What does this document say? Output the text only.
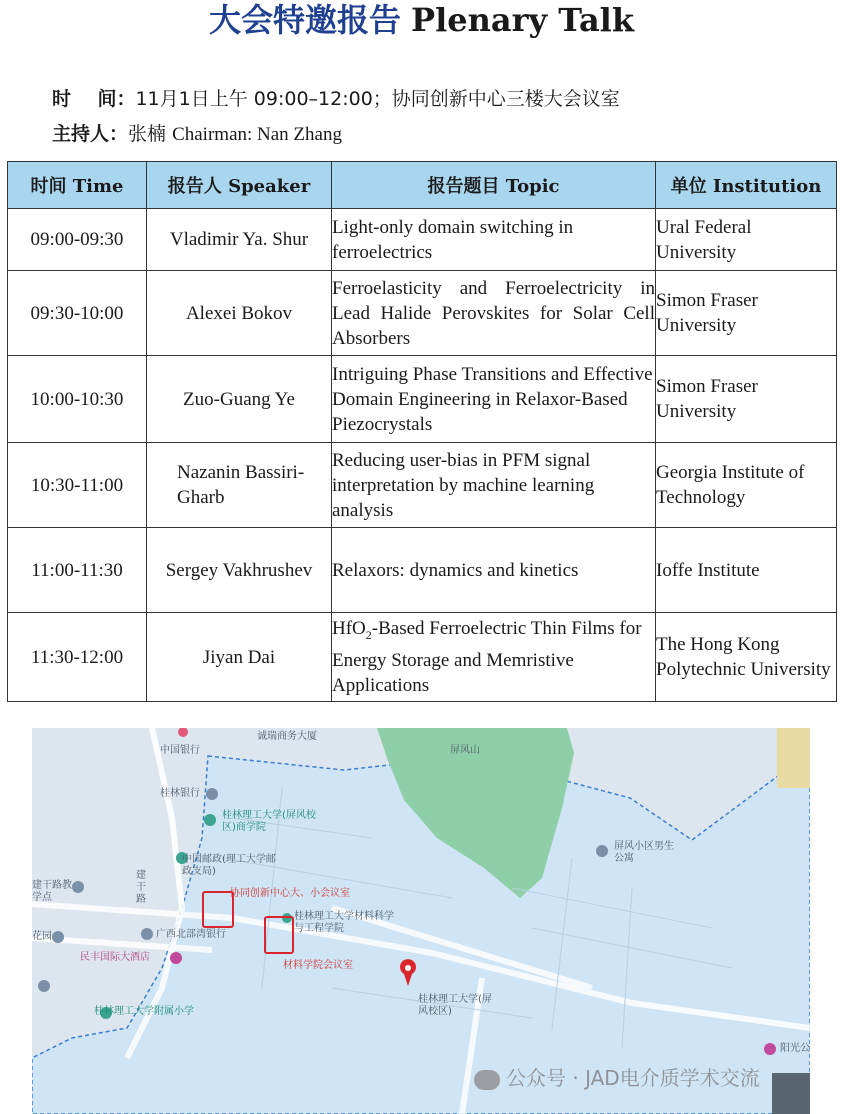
大会特邀报告 Plenary Talk
时    间：11月1日上午 09:00–12:00；协同创新中心三楼大会议室
主持人：张楠 Chairman: Nan Zhang
时间 Time	报告人 Speaker	报告题目 Topic	单位 Institution
09:00-09:30	Vladimir Ya. Shur	Light-only domain switching in ferroelectrics	Ural Federal University
09:30-10:00	Alexei Bokov	Ferroelasticity and Ferroelectricity in Lead Halide Perovskites for Solar Cell Absorbers	Simon Fraser University
10:00-10:30	Zuo-Guang Ye	Intriguing Phase Transitions and Effective Domain Engineering in Relaxor-Based Piezocrystals	Simon Fraser University
10:30-11:00	Nazanin Bassiri-Gharb	Reducing user-bias in PFM signal interpretation by machine learning analysis	Georgia Institute of Technology
11:00-11:30	Sergey Vakhrushev	Relaxors: dynamics and kinetics	Ioffe Institute
11:30-12:00	Jiyan Dai	HfO$_2$-Based Ferroelectric Thin Films for Energy Storage and Memristive Applications	The Hong Kong Polytechnic University
诚瑞商务大厦
中国银行	屏风山
桂林银行
桂林理工大学(屏风校区)商学院
屏风小区男生公寓
中国邮政(理工大学邮政支局)
建干路教学点
建干路
协同创新中心大、小会议室
桂林理工大学材料科学与工程学院
广西北部湾银行
花园
民丰国际大酒店
材料学院会议室
桂林理工大学(屏风校区)
桂林理工大学附属小学
阳光公
公众号 · JAD电介质学术交流
